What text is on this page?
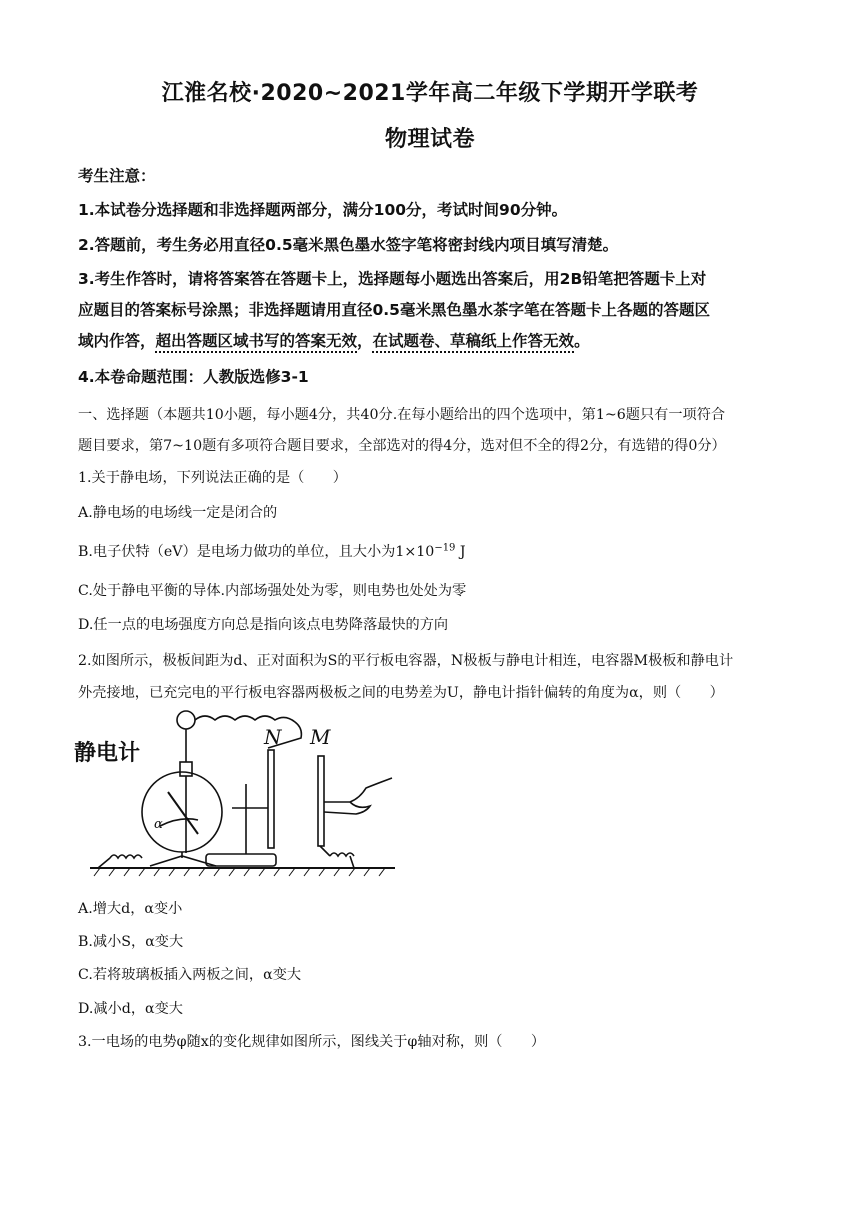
江淮名校·2020~2021学年高二年级下学期开学联考
物理试卷
考生注意：
1.本试卷分选择题和非选择题两部分，满分100分，考试时间90分钟。
2.答题前，考生务必用直径0.5毫米黑色墨水签字笔将密封线内项目填写清楚。
3.考生作答时，请将答案答在答题卡上，选择题每小题选出答案后，用2B铅笔把答题卡上对
应题目的答案标号涂黑；非选择题请用直径0.5毫米黑色墨水茶字笔在答题卡上各题的答题区
域内作答，超出答题区域书写的答案无效，在试题卷、草稿纸上作答无效。
4.本卷命题范围：人教版选修3-1
一、选择题（本题共10小题，每小题4分，共40分.在每小题给出的四个选项中，第1~6题只有一项符合
题目要求，第7~10题有多项符合题目要求，全部选对的得4分，选对但不全的得2分，有选错的得0分）
1.关于静电场，下列说法正确的是（　　）
A.静电场的电场线一定是闭合的
B.电子伏特（eV）是电场力做功的单位，且大小为$1\times 10^{-19}$ J
C.处于静电平衡的导体.内部场强处处为零，则电势也处处为零
D.任一点的电场强度方向总是指向该点电势降落最快的方向
2.如图所示，极板间距为d、正对面积为S的平行板电容器，N极板与静电计相连，电容器M极板和静电计
外壳接地，已充完电的平行板电容器两极板之间的电势差为U，静电计指针偏转的角度为α，则（　　）
静电计
N M
α
A.增大d，α变小
B.减小S，α变大
C.若将玻璃板插入两板之间，α变大
D.减小d，α变大
3.一电场的电势φ随x的变化规律如图所示，图线关于φ轴对称，则（　　）
